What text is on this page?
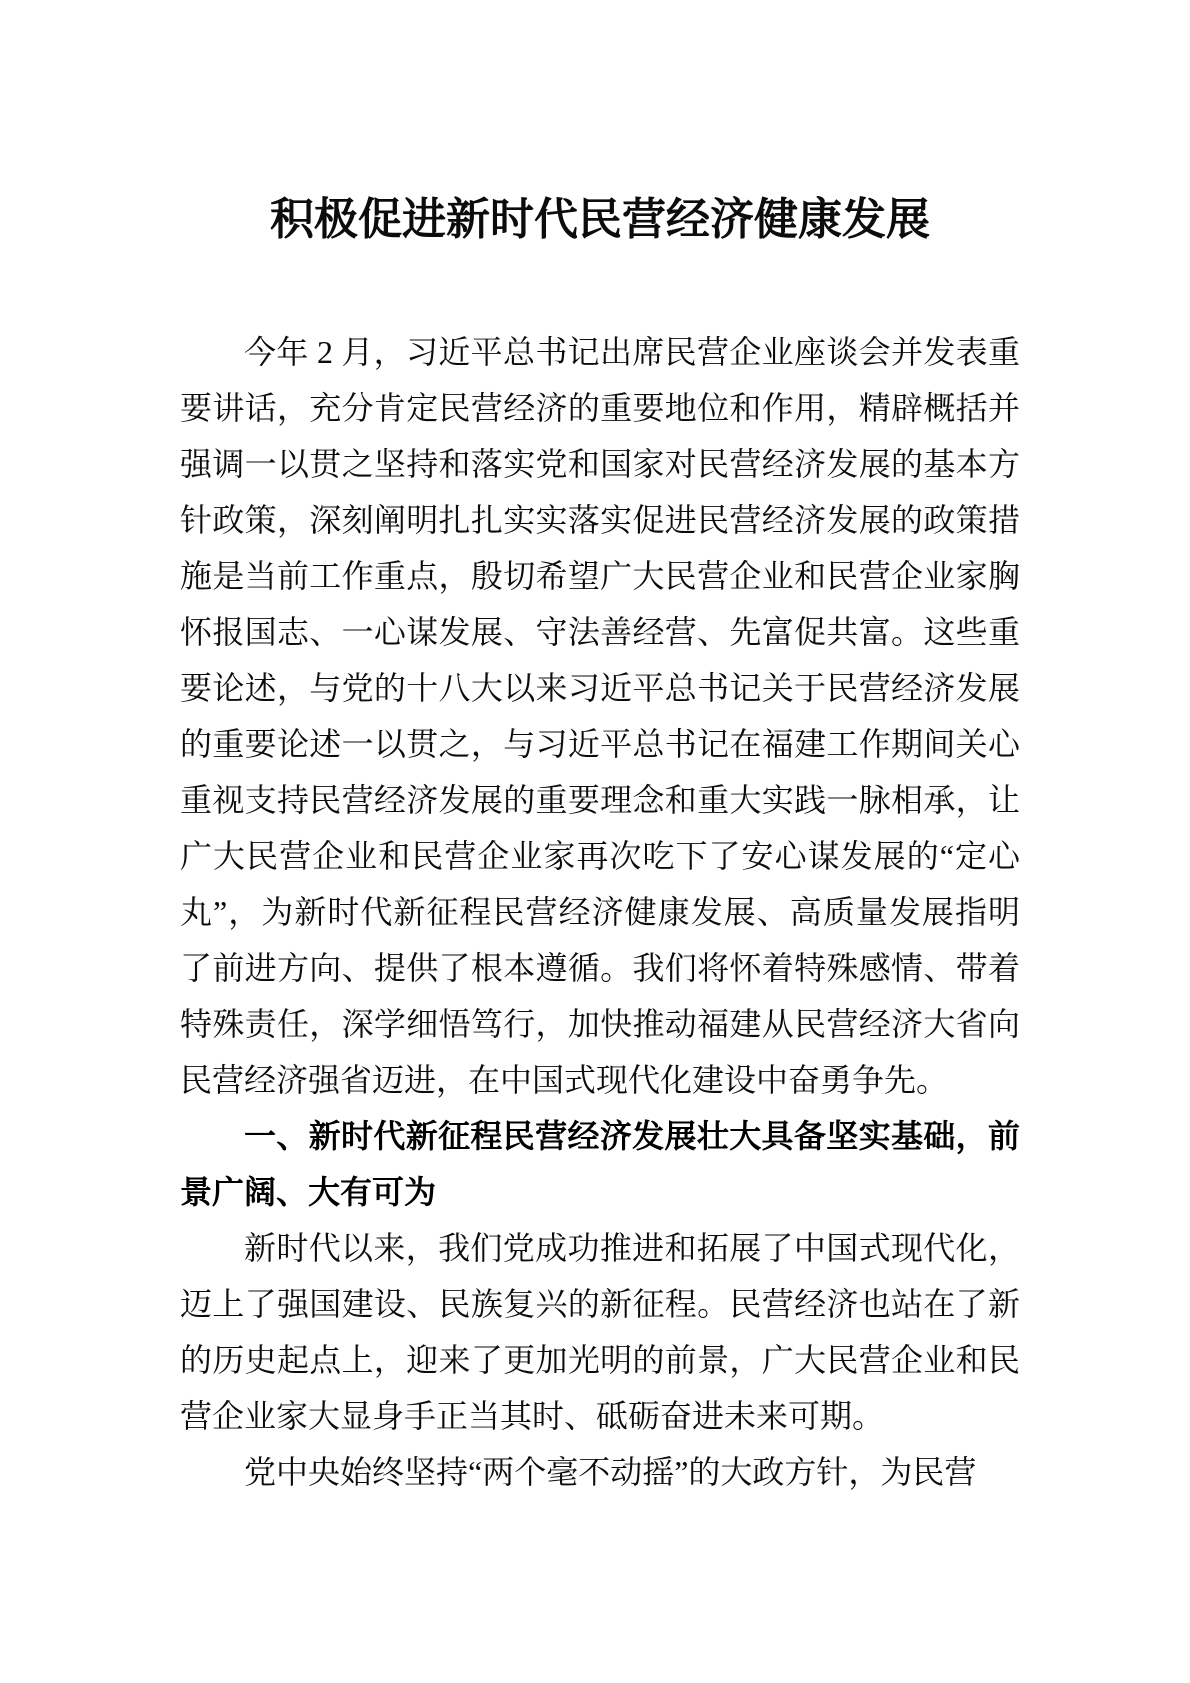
积极促进新时代民营经济健康发展

今年 2 月，习近平总书记出席民营企业座谈会并发表重要讲话，充分肯定民营经济的重要地位和作用，精辟概括并强调一以贯之坚持和落实党和国家对民营经济发展的基本方针政策，深刻阐明扎扎实实落实促进民营经济发展的政策措施是当前工作重点，殷切希望广大民营企业和民营企业家胸怀报国志、一心谋发展、守法善经营、先富促共富。这些重要论述，与党的十八大以来习近平总书记关于民营经济发展的重要论述一以贯之，与习近平总书记在福建工作期间关心重视支持民营经济发展的重要理念和重大实践一脉相承，让广大民营企业和民营企业家再次吃下了安心谋发展的“定心丸”，为新时代新征程民营经济健康发展、高质量发展指明了前进方向、提供了根本遵循。我们将怀着特殊感情、带着特殊责任，深学细悟笃行，加快推动福建从民营经济大省向民营经济强省迈进，在中国式现代化建设中奋勇争先。

一、新时代新征程民营经济发展壮大具备坚实基础，前景广阔、大有可为

新时代以来，我们党成功推进和拓展了中国式现代化，迈上了强国建设、民族复兴的新征程。民营经济也站在了新的历史起点上，迎来了更加光明的前景，广大民营企业和民营企业家大显身手正当其时、砥砺奋进未来可期。

党中央始终坚持“两个毫不动摇”的大政方针，为民营
